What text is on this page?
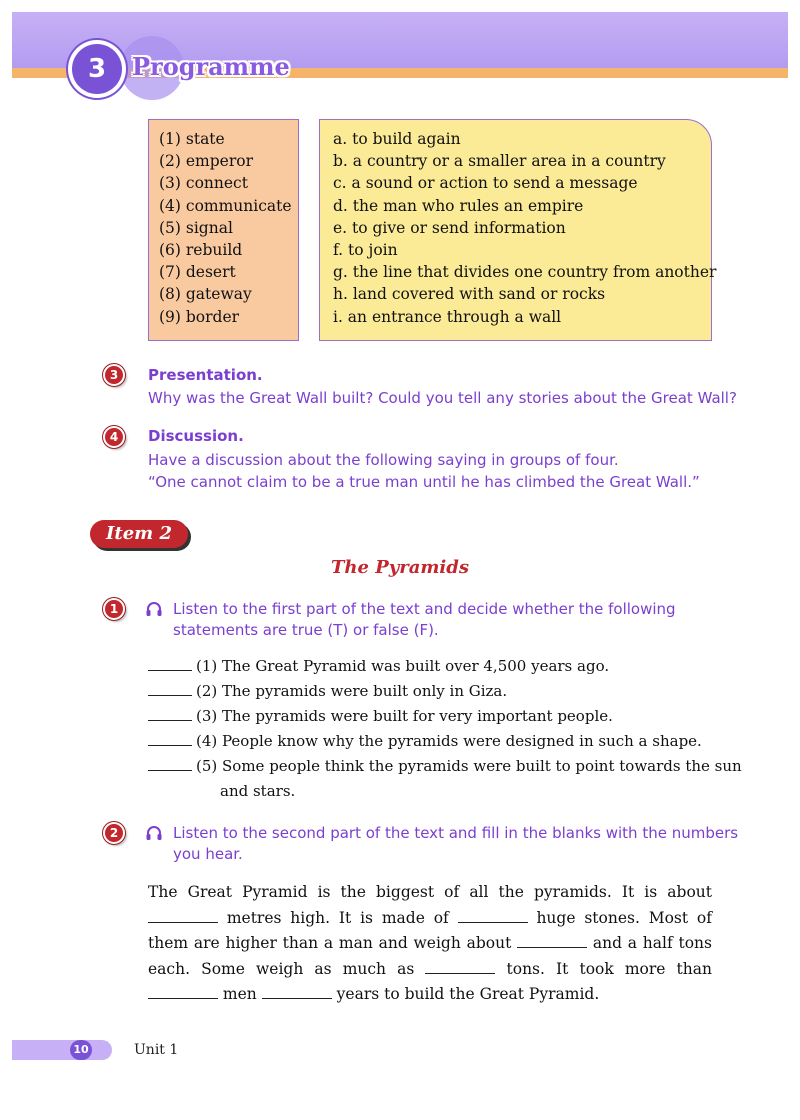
3	Programme
(1) state
(2) emperor
(3) connect
(4) communicate
(5) signal
(6) rebuild
(7) desert
(8) gateway
(9) border
a. to build again
b. a country or a smaller area in a country
c. a sound or action to send a message
d. the man who rules an empire
e. to give or send information
f. to join
g. the line that divides one country from another
h. land covered with sand or rocks
i. an entrance through a wall
3	Presentation.
Why was the Great Wall built? Could you tell any stories about the Great Wall?
4	Discussion.
Have a discussion about the following saying in groups of four.
“One cannot claim to be a true man until he has climbed the Great Wall.”
Item 2
The Pyramids
1	Listen to the first part of the text and decide whether the following
statements are true (T) or false (F).
(1) The Great Pyramid was built over 4,500 years ago.
(2) The pyramids were built only in Giza.
(3) The pyramids were built for very important people.
(4) People know why the pyramids were designed in such a shape.
(5) Some people think the pyramids were built to point towards the sun
and stars.
2	Listen to the second part of the text and fill in the blanks with the numbers
you hear.
The Great Pyramid is the biggest of all the pyramids. It is about  metres high. It is made of	huge stones. Most of them are higher than a man and weigh about	and a half tons each. Some weigh as much as	tons. It took more than  men	years to build the Great Pyramid.
10	Unit 1
